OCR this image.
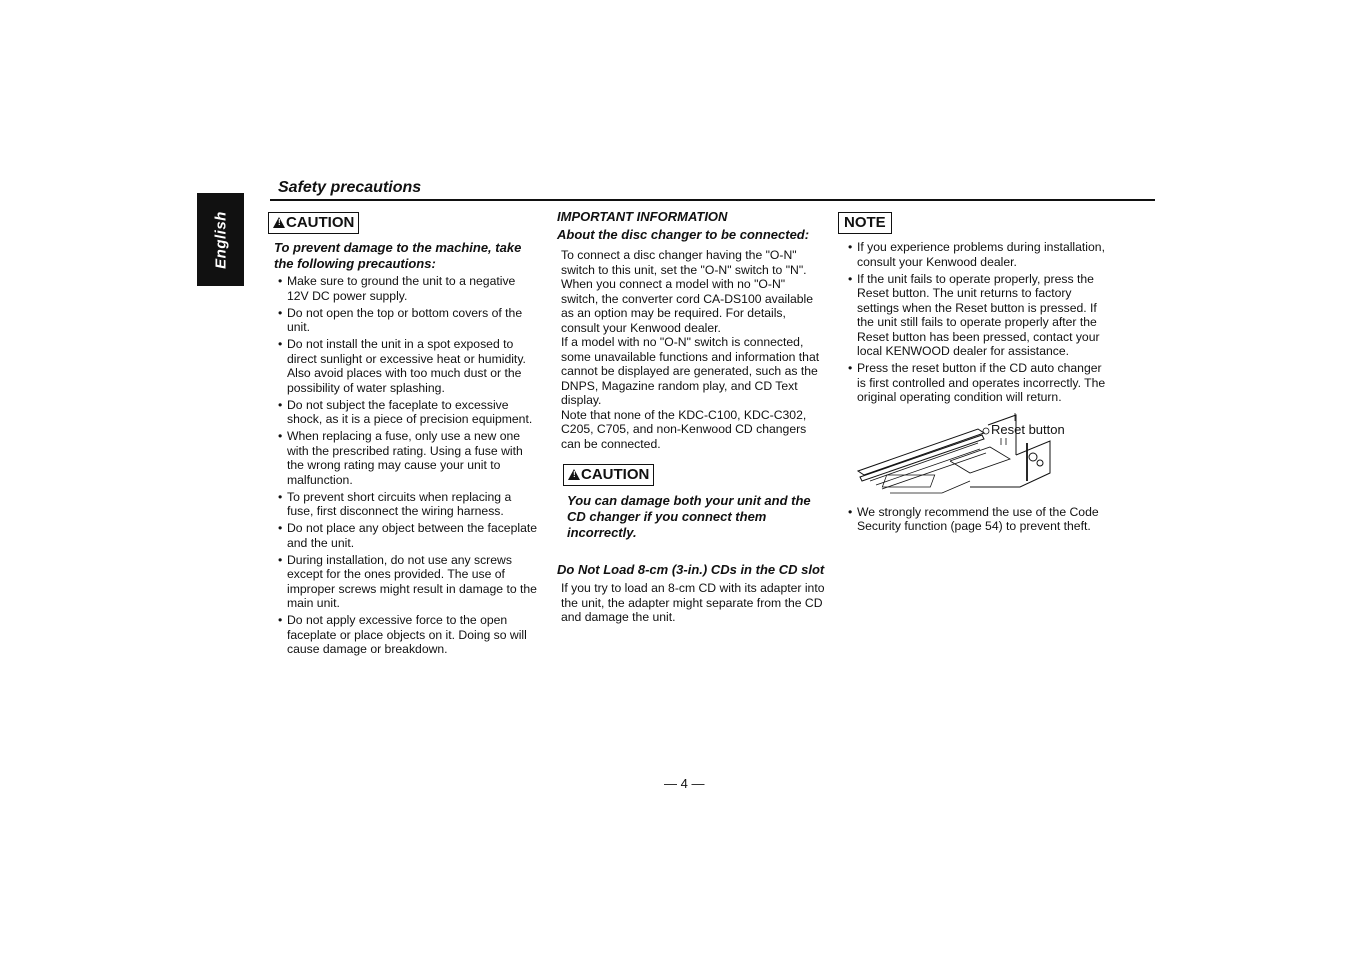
English
Safety precautions
! CAUTION
To prevent damage to the machine, take the following precautions:
• Make sure to ground the unit to a negative 12V DC power supply.
• Do not open the top or bottom covers of the unit.
• Do not install the unit in a spot exposed to direct sunlight or excessive heat or humidity. Also avoid places with too much dust or the possibility of water splashing.
• Do not subject the faceplate to excessive shock, as it is a piece of precision equipment.
• When replacing a fuse, only use a new one with the prescribed rating. Using a fuse with the wrong rating may cause your unit to malfunction.
• To prevent short circuits when replacing a fuse, first disconnect the wiring harness.
• Do not place any object between the faceplate and the unit.
• During installation, do not use any screws except for the ones provided. The use of improper screws might result in damage to the main unit.
• Do not apply excessive force to the open faceplate or place objects on it. Doing so will cause damage or breakdown.
IMPORTANT INFORMATION
About the disc changer to be connected:

To connect a disc changer having the "O-N" switch to this unit, set the "O-N" switch to "N".

When you connect a model with no "O-N" switch, the converter cord CA-DS100 available as an option may be required. For details, consult your Kenwood dealer.

If a model with no "O-N" switch is connected, some unavailable functions and information that cannot be displayed are generated, such as the DNPS, Magazine random play, and CD Text display.

Note that none of the KDC-C100, KDC-C302, C205, C705, and non-Kenwood CD changers can be connected.

! CAUTION
You can damage both your unit and the CD changer if you connect them incorrectly.
Do Not Load 8-cm (3-in.) CDs in the CD slot

If you try to load an 8-cm CD with its adapter into the unit, the adapter might separate from the CD and damage the unit.

NOTE
• If you experience problems during installation, consult your Kenwood dealer.
• If the unit fails to operate properly, press the Reset button. The unit returns to factory settings when the Reset button is pressed. If the unit still fails to operate properly after the Reset button has been pressed, contact your local KENWOOD dealer for assistance.
• Press the reset button if the CD auto changer is first controlled and operates incorrectly. The original operating condition will return.
Reset button
• We strongly recommend the use of the Code Security function (page 54) to prevent theft.
— 4 —
